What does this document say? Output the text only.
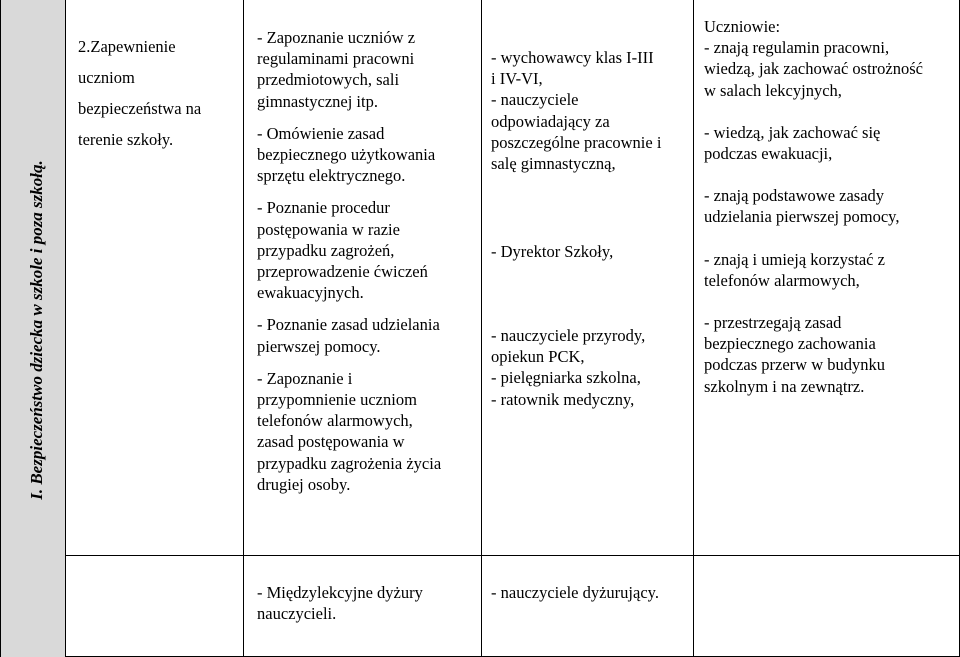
I. Bezpieczeństwo dziecka w szkole i poza szkołą.
2.Zapewnienie
uczniom
bezpieczeństwa na
terenie szkoły.
- Zapoznanie uczniów z
regulaminami pracowni
przedmiotowych, sali
gimnastycznej itp.
- Omówienie zasad
bezpiecznego użytkowania
sprzętu elektrycznego.
- Poznanie procedur
postępowania w razie
przypadku zagrożeń,
przeprowadzenie ćwiczeń
ewakuacyjnych.
- Poznanie zasad udzielania
pierwszej pomocy.
- Zapoznanie i
przypomnienie uczniom
telefonów alarmowych,
zasad postępowania w
przypadku zagrożenia życia
drugiej osoby.
- wychowawcy klas I-III
i IV-VI,
- nauczyciele
odpowiadający za
poszczególne pracownie i
salę gimnastyczną,
- Dyrektor Szkoły,
- nauczyciele przyrody,
opiekun PCK,
- pielęgniarka szkolna,
- ratownik medyczny,
Uczniowie:
- znają regulamin pracowni,
wiedzą, jak zachować ostrożność
w salach lekcyjnych,
- wiedzą, jak zachować się
podczas ewakuacji,
- znają podstawowe zasady
udzielania pierwszej pomocy,
- znają i umieją korzystać z
telefonów alarmowych,
- przestrzegają zasad
bezpiecznego zachowania
podczas przerw w budynku
szkolnym i na zewnątrz.
- Międzylekcyjne dyżury
nauczycieli.
- nauczyciele dyżurujący.
